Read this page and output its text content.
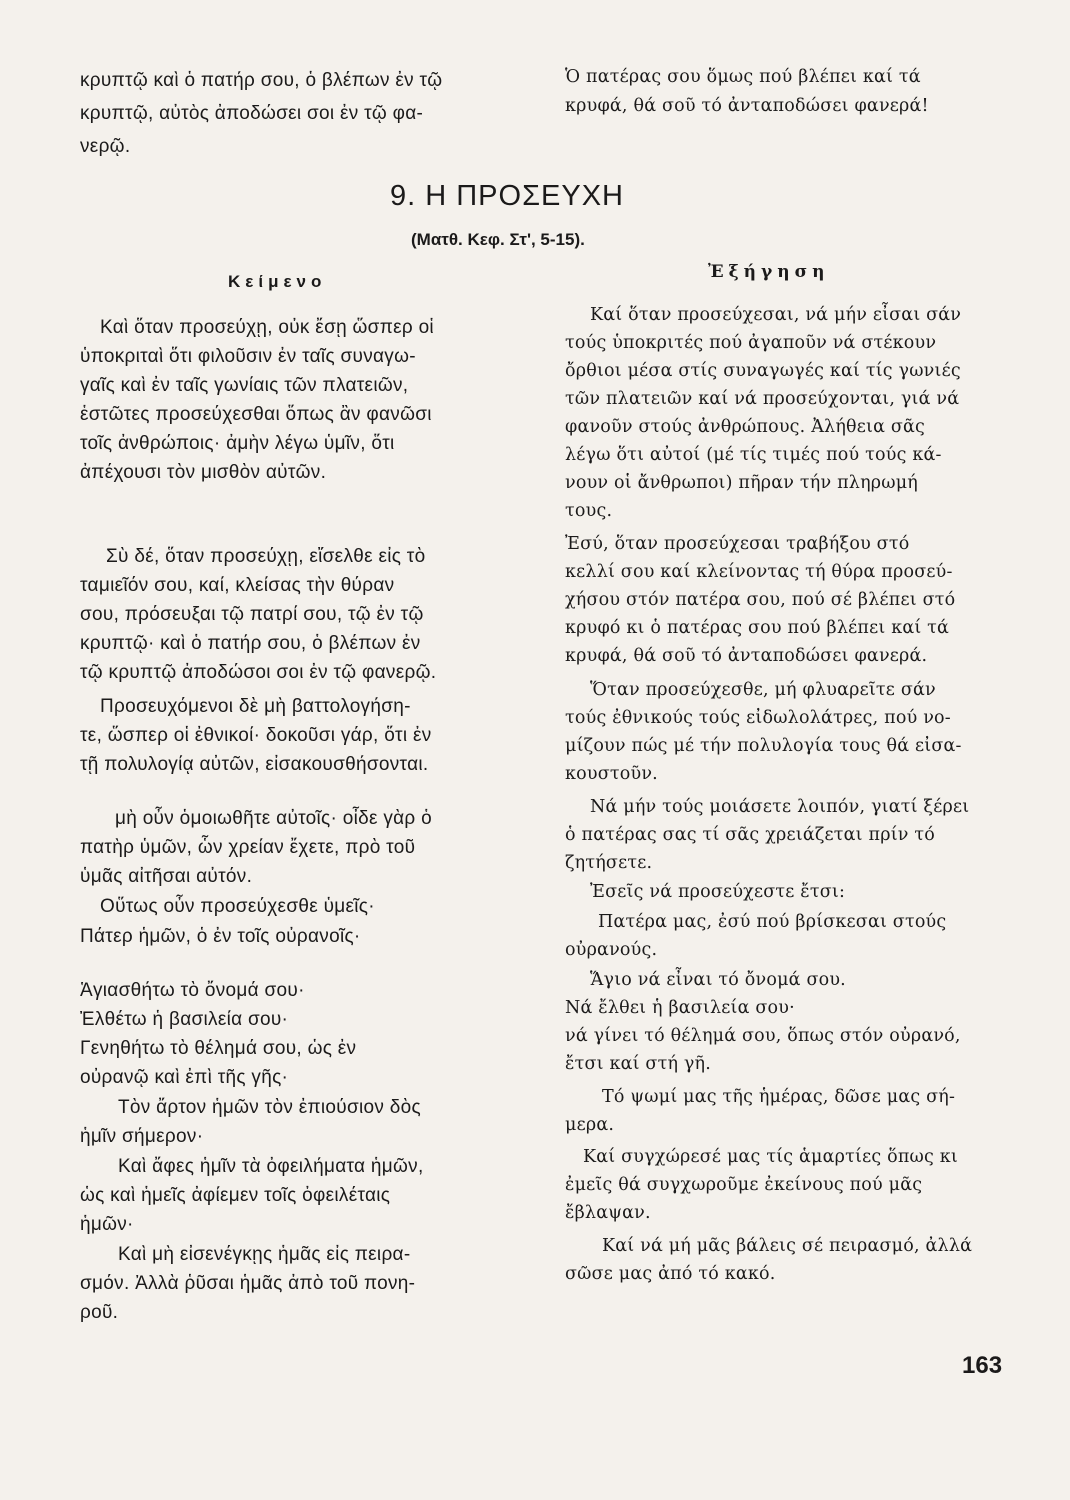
κρυπτῷ καὶ ὁ πατήρ σου, ὁ βλέπων ἐν τῷ
κρυπτῷ, αὐτὸς ἀποδώσει σοι ἐν τῷ φα-
νερῷ.
Κείμενο
Καὶ ὅταν προσεύχῃ, οὐκ ἔσῃ ὥσπερ οἱ
ὑποκριταὶ ὅτι φιλοῦσιν ἐν ταῖς συναγω-
γαῖς καὶ ἐν ταῖς γωνίαις τῶν πλατειῶν,
ἑστῶτες προσεύχεσθαι ὅπως ἂν φανῶσι
τοῖς ἀνθρώποις· ἀμὴν λέγω ὑμῖν, ὅτι
ἀπέχουσι τὸν μισθὸν αὐτῶν.
Σὺ δέ, ὅταν προσεύχῃ, εἴσελθε εἰς τὸ
ταμιεῖόν σου, καί, κλείσας τὴν θύραν
σου, πρόσευξαι τῷ πατρί σου, τῷ ἐν τῷ
κρυπτῷ· καὶ ὁ πατήρ σου, ὁ βλέπων ἐν
τῷ κρυπτῷ ἀποδώσοι σοι ἐν τῷ φανερῷ.
Προσευχόμενοι δὲ μὴ βαττολογήση-
τε, ὥσπερ οἱ ἐθνικοί· δοκοῦσι γάρ, ὅτι ἐν
τῇ πολυλογίᾳ αὐτῶν, εἰσακουσθήσονται.
μὴ οὖν ὁμοιωθῆτε αὐτοῖς· οἶδε γὰρ ὁ
πατὴρ ὑμῶν, ὧν χρείαν ἔχετε, πρὸ τοῦ
ὑμᾶς αἰτῆσαι αὐτόν.
Οὕτως οὖν προσεύχεσθε ὑμεῖς·
Πάτερ ἡμῶν, ὁ ἐν τοῖς οὐρανοῖς·
Ἁγιασθήτω τὸ ὄνομά σου·
Ἐλθέτω ἡ βασιλεία σου·
Γενηθήτω τὸ θέλημά σου, ὡς ἐν
οὐρανῷ καὶ ἐπὶ τῆς γῆς·
Τὸν ἄρτον ἡμῶν τὸν ἐπιούσιον δὸς
ἡμῖν σήμερον·
Καὶ ἄφες ἡμῖν τὰ ὀφειλήματα ἡμῶν,
ὡς καὶ ἡμεῖς ἀφίεμεν τοῖς ὀφειλέταις
ἡμῶν·
Καὶ μὴ εἰσενέγκῃς ἡμᾶς εἰς πειρα-
σμόν. Ἀλλὰ ῥῦσαι ἡμᾶς ἀπὸ τοῦ πονη-
ροῦ.
9. Η ΠΡΟΣΕΥΧΗ
(Ματθ. Κεφ. Στ', 5-15).
Ὁ πατέρας σου ὅμως πού βλέπει καί τά
κρυφά, θά σοῦ τό ἀνταποδώσει φανερά!
Ἐξήγηση
Καί ὅταν προσεύχεσαι, νά μήν εἶσαι σάν
τούς ὑποκριτές πού ἀγαποῦν νά στέκουν
ὄρθιοι μέσα στίς συναγωγές καί τίς γωνιές
τῶν πλατειῶν καί νά προσεύχονται, γιά νά
φανοῦν στούς ἀνθρώπους. Ἀλήθεια σᾶς
λέγω ὅτι αὐτοί (μέ τίς τιμές πού τούς κά-
νουν οἱ ἄνθρωποι) πῆραν τήν πληρωμή
τους.
Ἐσύ, ὅταν προσεύχεσαι τραβήξου στό
κελλί σου καί κλείνοντας τή θύρα προσεύ-
χήσου στόν πατέρα σου, πού σέ βλέπει στό
κρυφό κι ὁ πατέρας σου πού βλέπει καί τά
κρυφά, θά σοῦ τό ἀνταποδώσει φανερά.
Ὅταν προσεύχεσθε, μή φλυαρεῖτε σάν
τούς ἐθνικούς τούς εἰδωλολάτρες, πού νο-
μίζουν πώς μέ τήν πολυλογία τους θά εἰσα-
κουστοῦν.
Νά μήν τούς μοιάσετε λοιπόν, γιατί ξέρει
ὁ πατέρας σας τί σᾶς χρειάζεται πρίν τό
ζητήσετε.
Ἐσεῖς νά προσεύχεστε ἔτσι:
Πατέρα μας, ἐσύ πού βρίσκεσαι στούς
οὐρανούς.
Ἅγιο νά εἶναι τό ὄνομά σου.
Νά ἔλθει ἡ βασιλεία σου·
νά γίνει τό θέλημά σου, ὅπως στόν οὐρανό,
ἔτσι καί στή γῆ.
Τό ψωμί μας τῆς ἡμέρας, δῶσε μας σή-
μερα.
Καί συγχώρεσέ μας τίς ἁμαρτίες ὅπως κι
ἐμεῖς θά συγχωροῦμε ἐκείνους πού μᾶς
ἔβλαψαν.
Καί νά μή μᾶς βάλεις σέ πειρασμό, ἀλλά
σῶσε μας ἀπό τό κακό.
163
